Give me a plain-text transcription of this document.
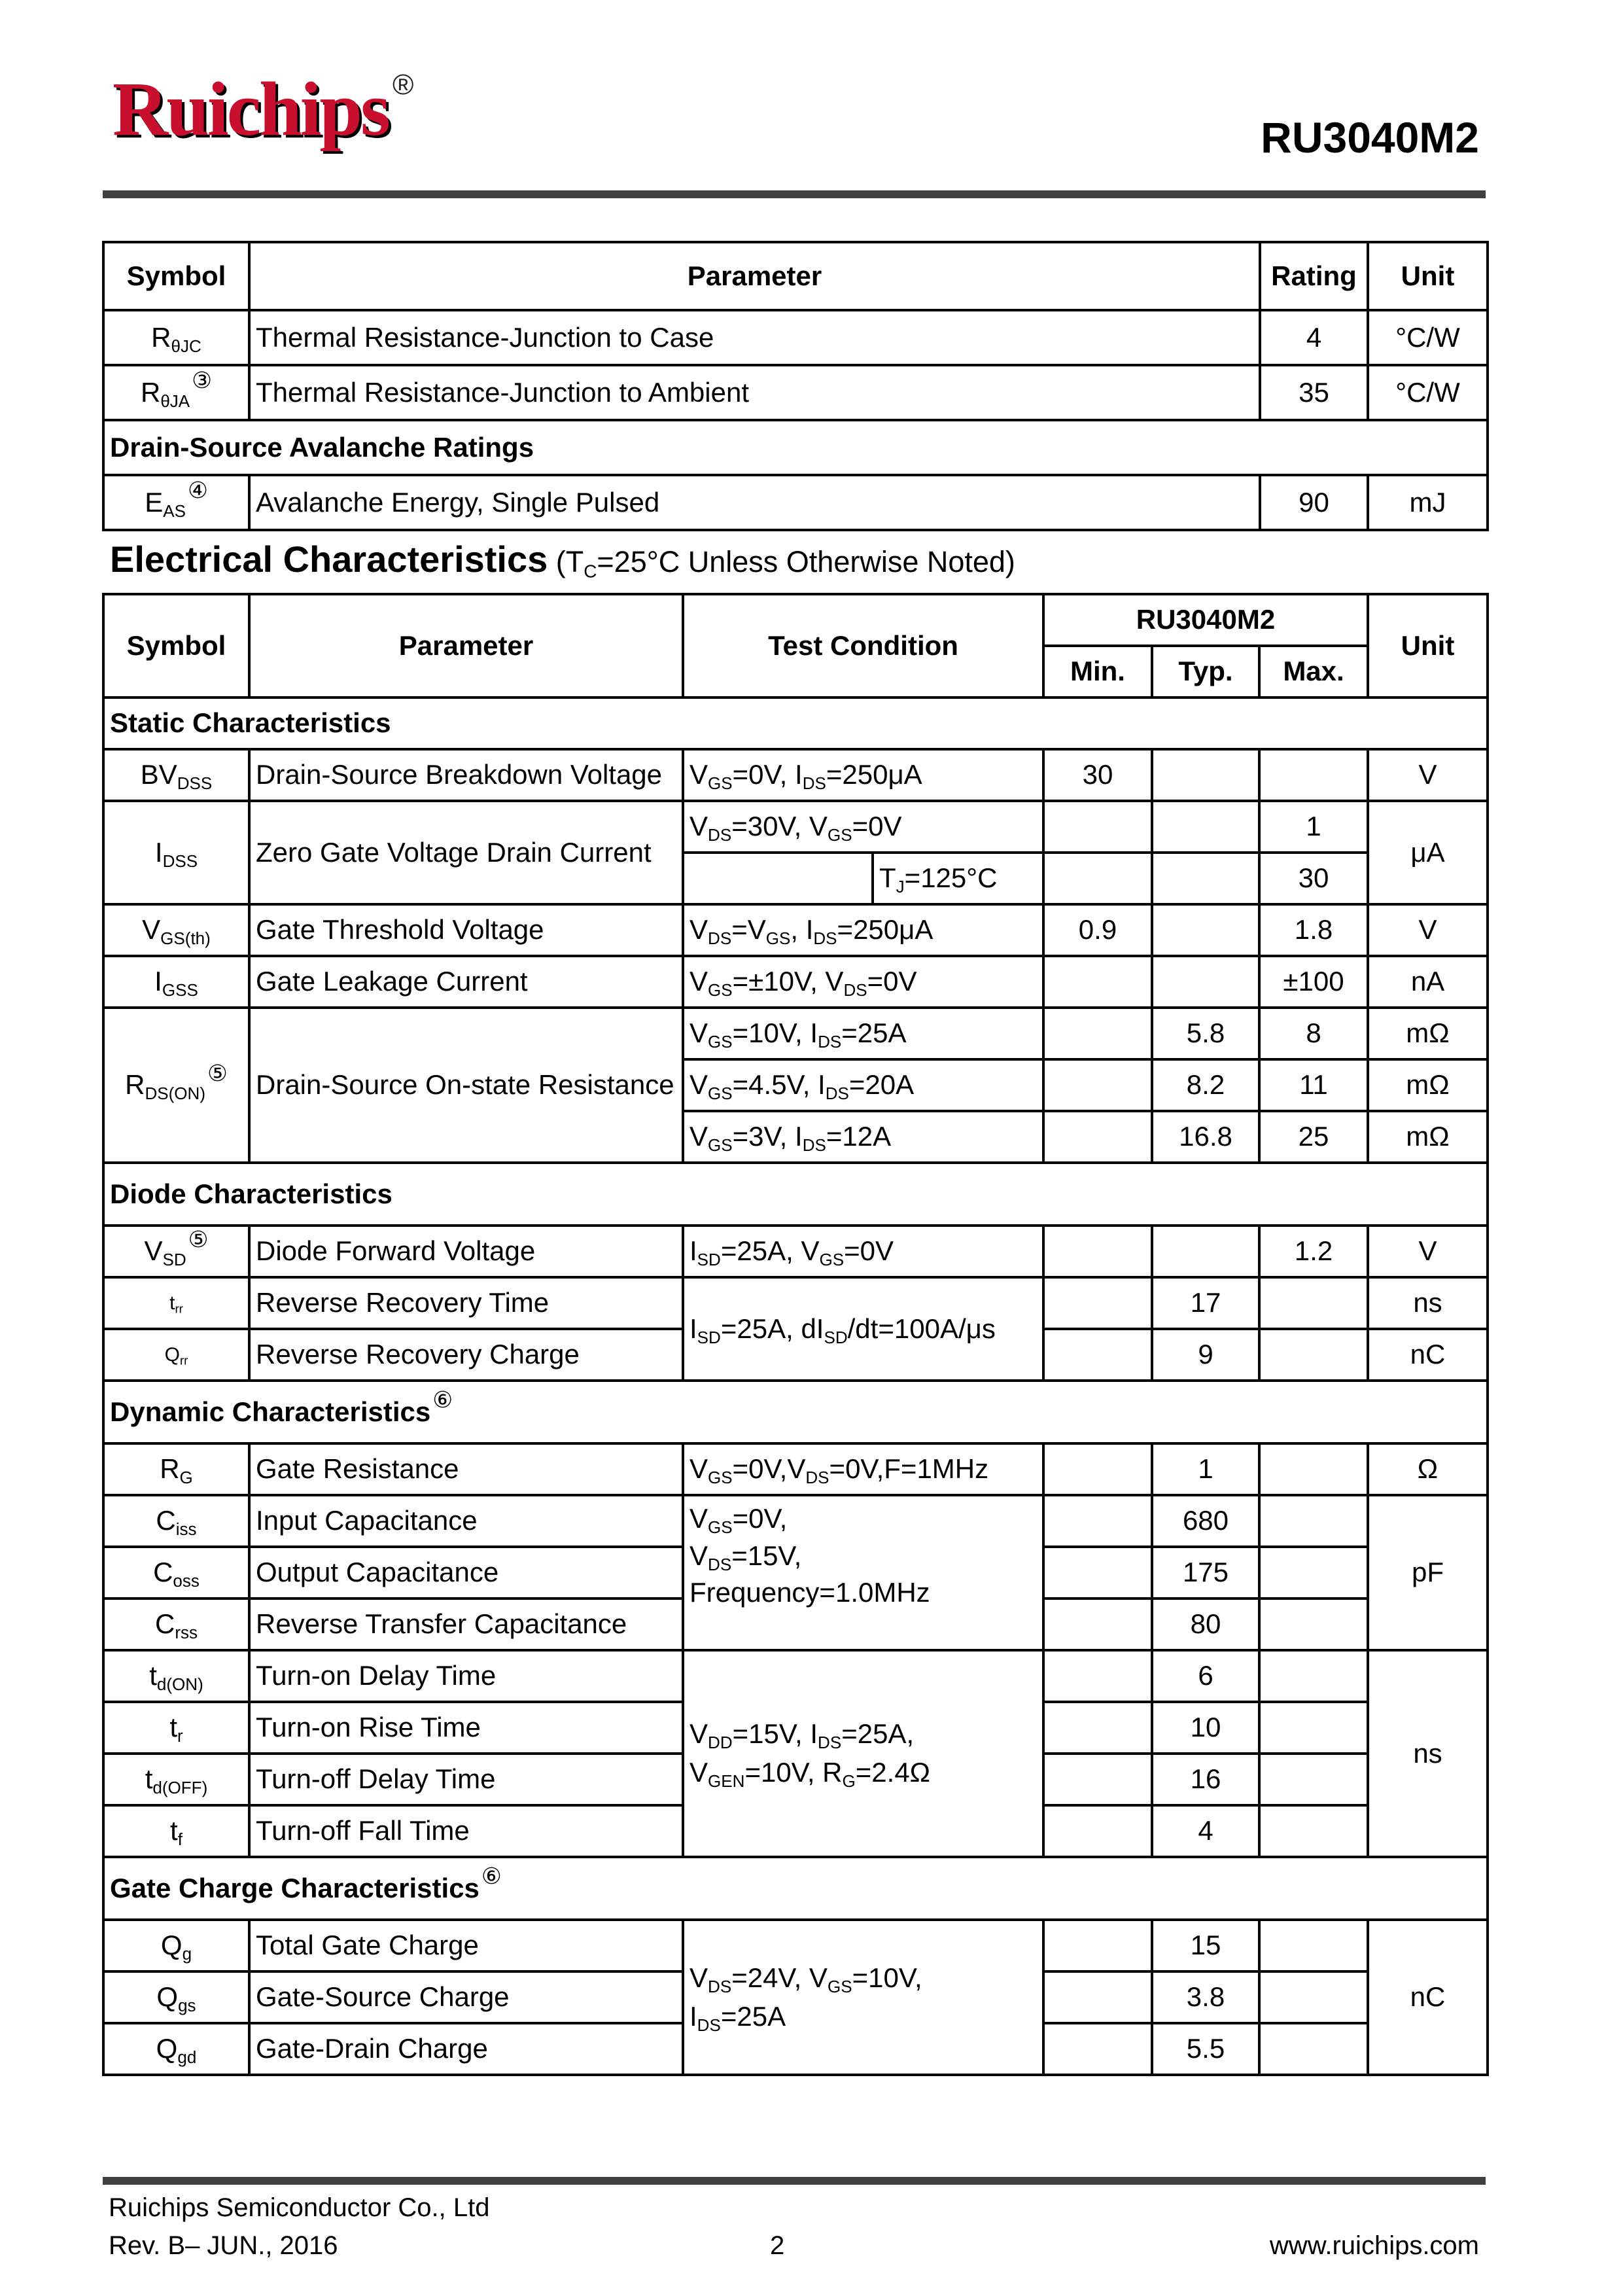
Ruichips ®
RU3040M2
Symbol	Parameter	Rating	Unit
$R_{\theta JC}$	Thermal Resistance-Junction to Case	4	°C/W
$R_{\theta JA}^③$	Thermal Resistance-Junction to Ambient	35	°C/W
Drain-Source Avalanche Ratings			
$E_{AS}^④$	Avalanche Energy, Single Pulsed	90	mJ
Electrical Characteristics ($T_C=25^\circ C$ Unless Otherwise Noted)
Symbol	Parameter	Test Condition		RU3040M2			Unit
				Min.	Typ.	Max.	
Static Characteristics							
$BV_{DSS}$	Drain-Source Breakdown Voltage	$V_{GS}=0V$, $I_{DS}=250\mu A$		30			V
$I_{DSS}$	Zero Gate Voltage Drain Current	$V_{DS}=30V$, $V_{GS}=0V$				1	μA
			$T_J=125^\circ C$			30	
$V_{GS(th)}$	Gate Threshold Voltage	$V_{DS}=V_{GS}$, $I_{DS}=250\mu A$		0.9		1.8	V
$I_{GSS}$	Gate Leakage Current	$V_{GS}=\pm 10V$, $V_{DS}=0V$				±100	nA
$R_{DS(ON)}^⑤$	Drain-Source On-state Resistance	$V_{GS}=10V$, $I_{DS}=25A$			5.8	8	mΩ
		$V_{GS}=4.5V$, $I_{DS}=20A$			8.2	11	mΩ
		$V_{GS}=3V$, $I_{DS}=12A$			16.8	25	mΩ
Diode Characteristics							
$V_{SD}^⑤$	Diode Forward Voltage	$I_{SD}=25A$, $V_{GS}=0V$				1.2	V
$t_{rr}$	Reverse Recovery Time	$I_{SD}=25A$, $dI_{SD}/dt=100A/\mu s$			17		ns
$Q_{rr}$	Reverse Recovery Charge				9		nC
Dynamic Characteristics⑥
$R_G$	Gate Resistance	$V_{GS}=0V,V_{DS}=0V,F=1MHz$			1		Ω
$C_{iss}$	Input Capacitance	$V_{GS}=0V$,
$V_{DS}=15V$,
Frequency=1.0MHz			680		pF
$C_{oss}$	Output Capacitance				175		
$C_{rss}$	Reverse Transfer Capacitance				80		
$t_{d(ON)}$	Turn-on Delay Time	$V_{DD}=15V$, $I_{DS}=25A$,
$V_{GEN}=10V$, $R_G=2.4\Omega$			6		ns
$t_r$	Turn-on Rise Time				10		
$t_{d(OFF)}$	Turn-off Delay Time				16		
$t_f$	Turn-off Fall Time				4		
Gate Charge Characteristics⑥
$Q_g$	Total Gate Charge	$V_{DS}=24V$, $V_{GS}=10V$,
$I_{DS}=25A$			15		nC
$Q_{gs}$	Gate-Source Charge				3.8		
$Q_{gd}$	Gate-Drain Charge				5.5		
Ruichips Semiconductor Co., Ltd
Rev. B– JUN., 2016	2	www.ruichips.com
